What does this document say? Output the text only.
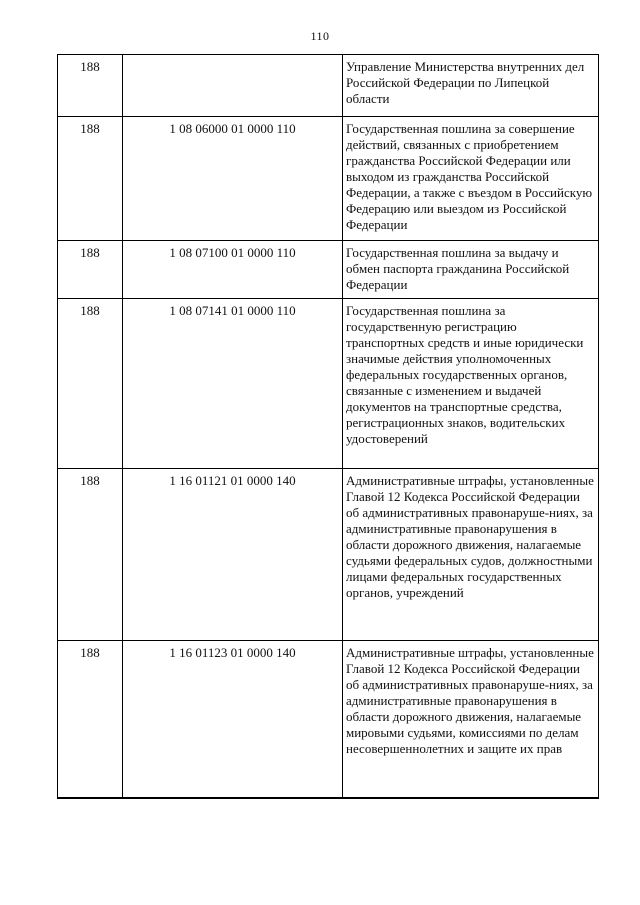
110
188		Управление Министерства внутренних дел Российской Федерации по Липецкой области
188	1 08 06000 01 0000 110	Государственная пошлина за совершение действий, связанных с приобретением гражданства Российской Федерации или выходом из гражданства Российской Федерации, а также с въездом в Российскую Федерацию или выездом из Российской Федерации
188	1 08 07100 01 0000 110	Государственная пошлина за выдачу и обмен паспорта гражданина Российской Федерации
188	1 08 07141 01 0000 110	Государственная пошлина за государственную регистрацию транспортных средств и иные юридически значимые действия уполномоченных федеральных государственных органов, связанные с изменением и выдачей документов на транспортные средства, регистрационных знаков, водительских удостоверений
188	1 16 01121 01 0000 140	Административные штрафы, установленные Главой 12 Кодекса Российской Федерации об административных правонаруше-ниях, за административные правонарушения в области дорожного движения, налагаемые судьями федеральных судов, должностными лицами федеральных государственных органов, учреждений
188	1 16 01123 01 0000 140	Административные штрафы, установленные Главой 12 Кодекса Российской Федерации об административных правонаруше-ниях, за административные правонарушения в области дорожного движения, налагаемые мировыми судьями, комиссиями по делам несовершеннолетних и защите их прав
